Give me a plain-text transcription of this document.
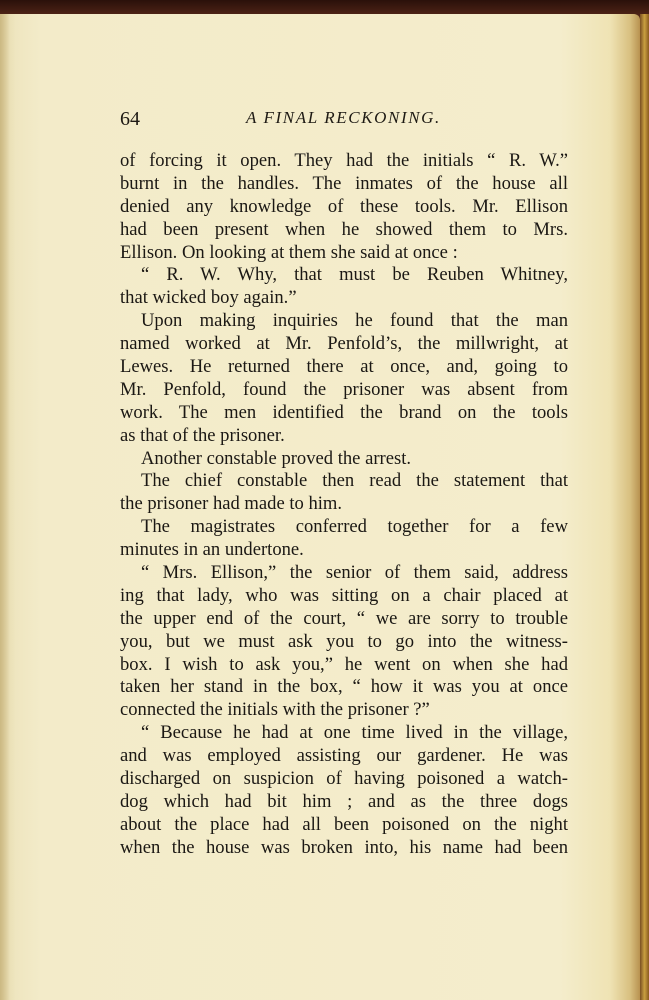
64	A FINAL RECKONING.
of forcing it open. They had the initials “ R. W.”
burnt in the handles. The inmates of the house all
denied any knowledge of these tools. Mr. Ellison
had been present when he showed them to Mrs.
Ellison. On looking at them she said at once :
“ R. W. Why, that must be Reuben Whitney,
that wicked boy again.”
Upon making inquiries he found that the man
named worked at Mr. Penfold’s, the millwright, at
Lewes. He returned there at once, and, going to
Mr. Penfold, found the prisoner was absent from
work. The men identified the brand on the tools
as that of the prisoner.
Another constable proved the arrest.
The chief constable then read the statement that
the prisoner had made to him.
The magistrates conferred together for a few
minutes in an undertone.
“ Mrs. Ellison,” the senior of them said, address
ing that lady, who was sitting on a chair placed at
the upper end of the court, “ we are sorry to trouble
you, but we must ask you to go into the witness-
box. I wish to ask you,” he went on when she had
taken her stand in the box, “ how it was you at once
connected the initials with the prisoner ?”
“ Because he had at one time lived in the village,
and was employed assisting our gardener. He was
discharged on suspicion of having poisoned a watch-
dog which had bit him ; and as the three dogs
about the place had all been poisoned on the night
when the house was broken into, his name had been
